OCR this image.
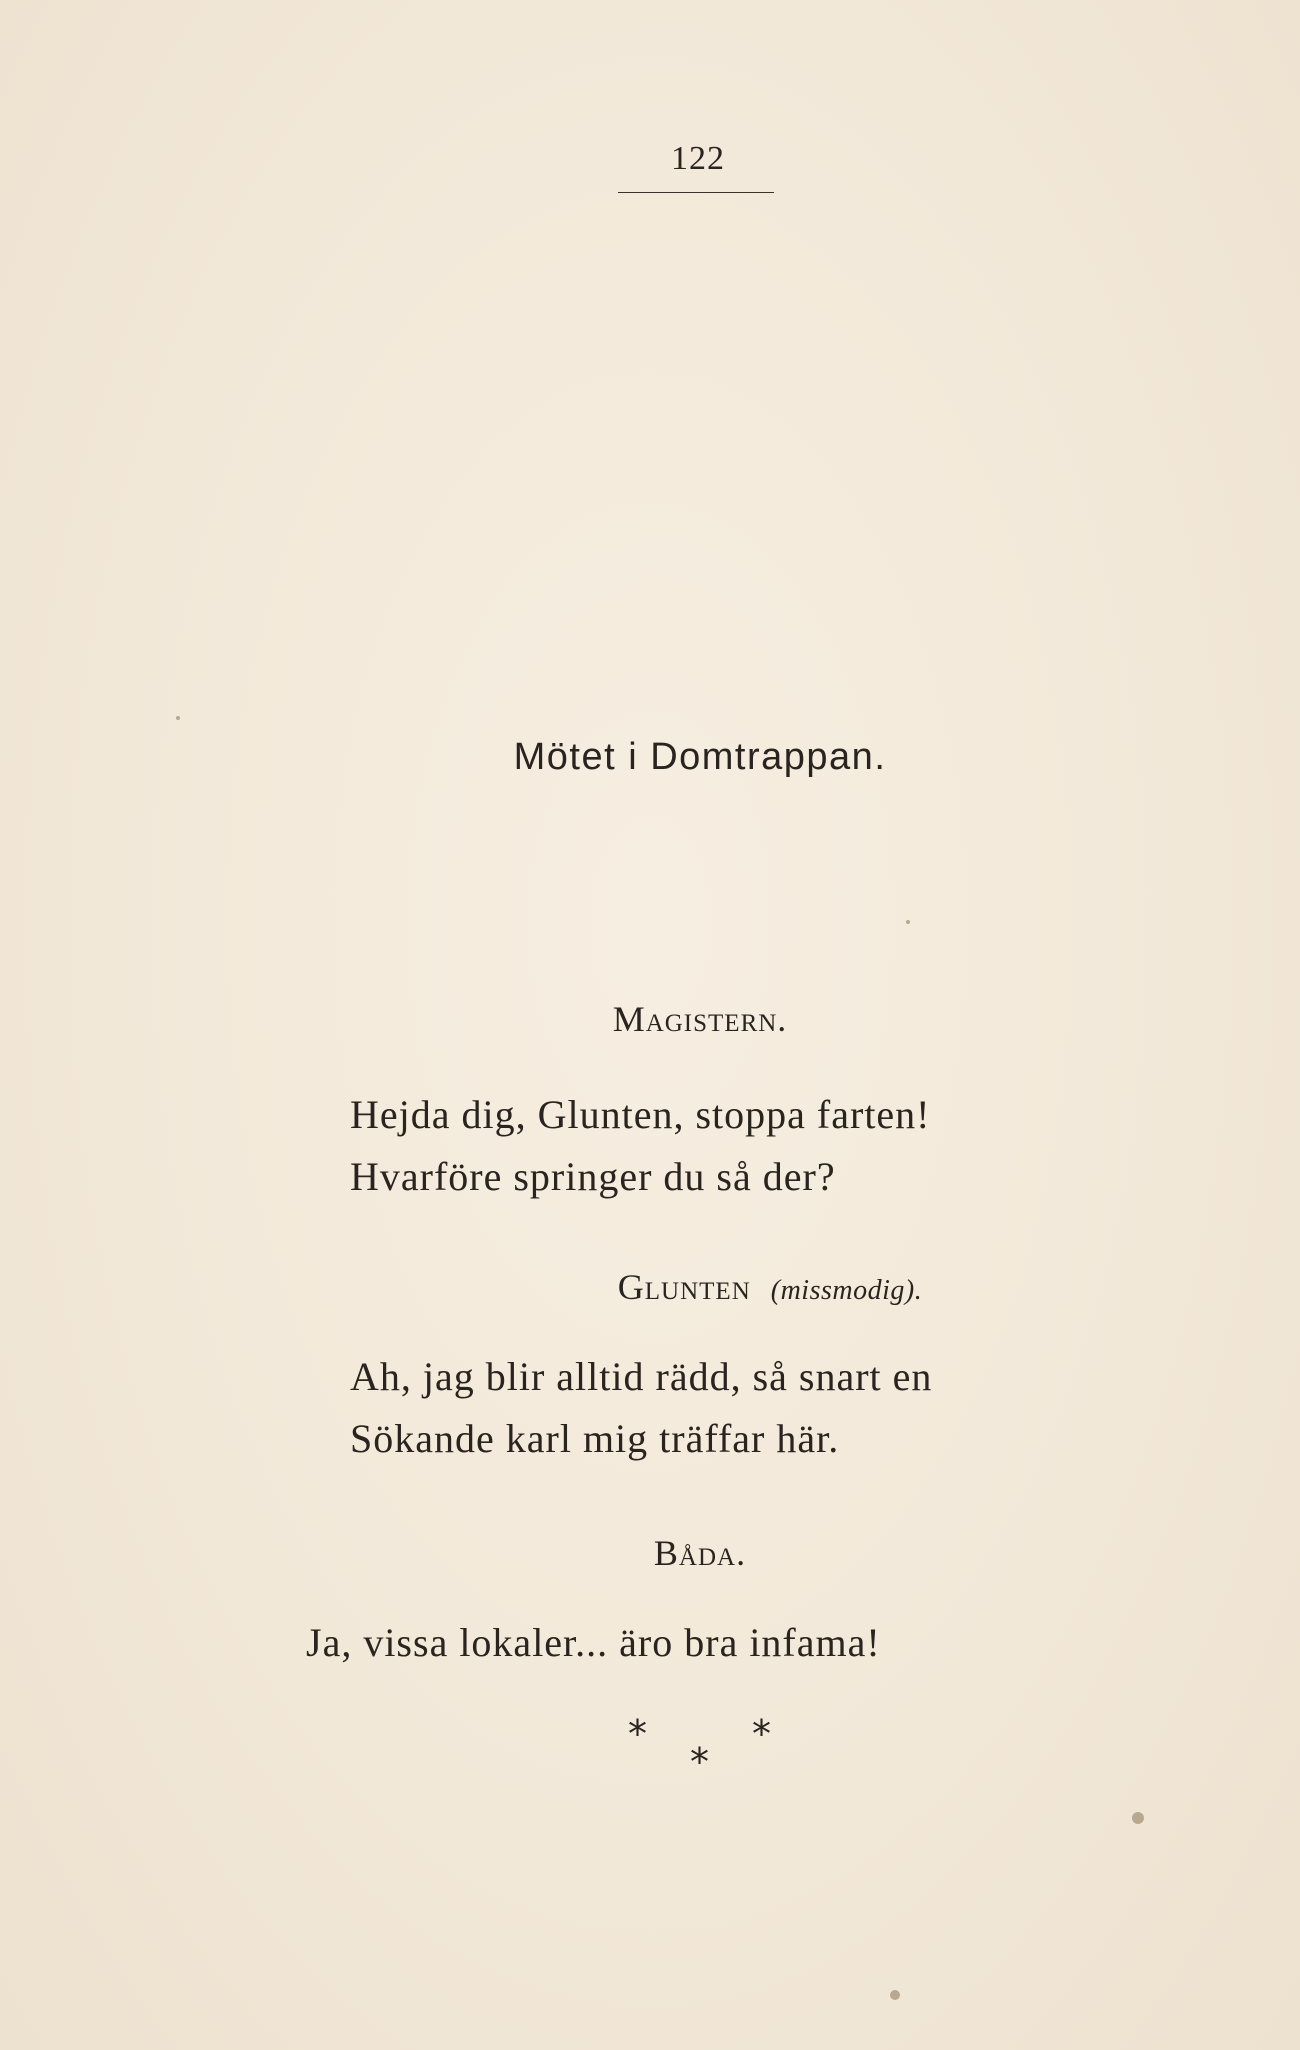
122
Mötet i Domtrappan.
Magistern.
Hejda dig, Glunten, stoppa farten!
Hvarföre springer du så der?
Glunten (missmodig).
Ah, jag blir alltid rädd, så snart en
Sökande karl mig träffar här.
Båda.
Ja, vissa lokaler... äro bra infama!
*	*
*
